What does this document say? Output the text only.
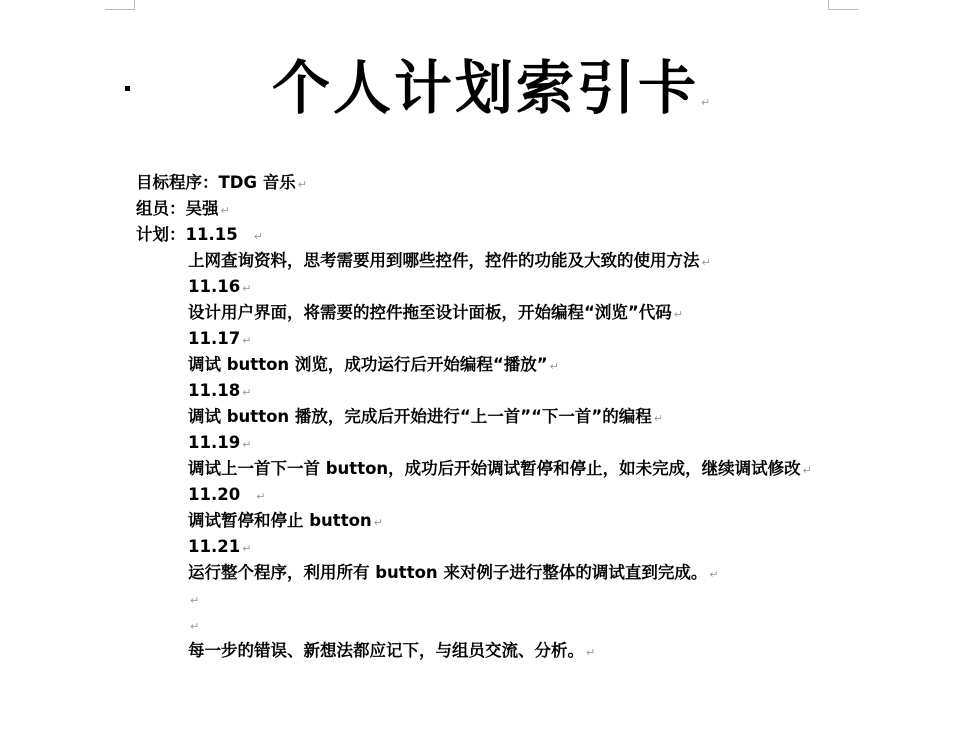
个人计划索引卡 ↵
目标程序：TDG 音乐 ↵
组员：吴强 ↵
计划：11.15 ↵
上网查询资料，思考需要用到哪些控件，控件的功能及大致的使用方法 ↵
11.16 ↵
设计用户界面，将需要的控件拖至设计面板，开始编程“浏览”代码 ↵
11.17 ↵
调试 button 浏览，成功运行后开始编程“播放” ↵
11.18 ↵
调试 button 播放，完成后开始进行“上一首”“下一首”的编程 ↵
11.19 ↵
调试上一首下一首 button，成功后开始调试暂停和停止，如未完成，继续调试修改 ↵
11.20 ↵
调试暂停和停止 button ↵
11.21 ↵
运行整个程序，利用所有 button 来对例子进行整体的调试直到完成。 ↵
↵
↵
每一步的错误、新想法都应记下，与组员交流、分析。 ↵
